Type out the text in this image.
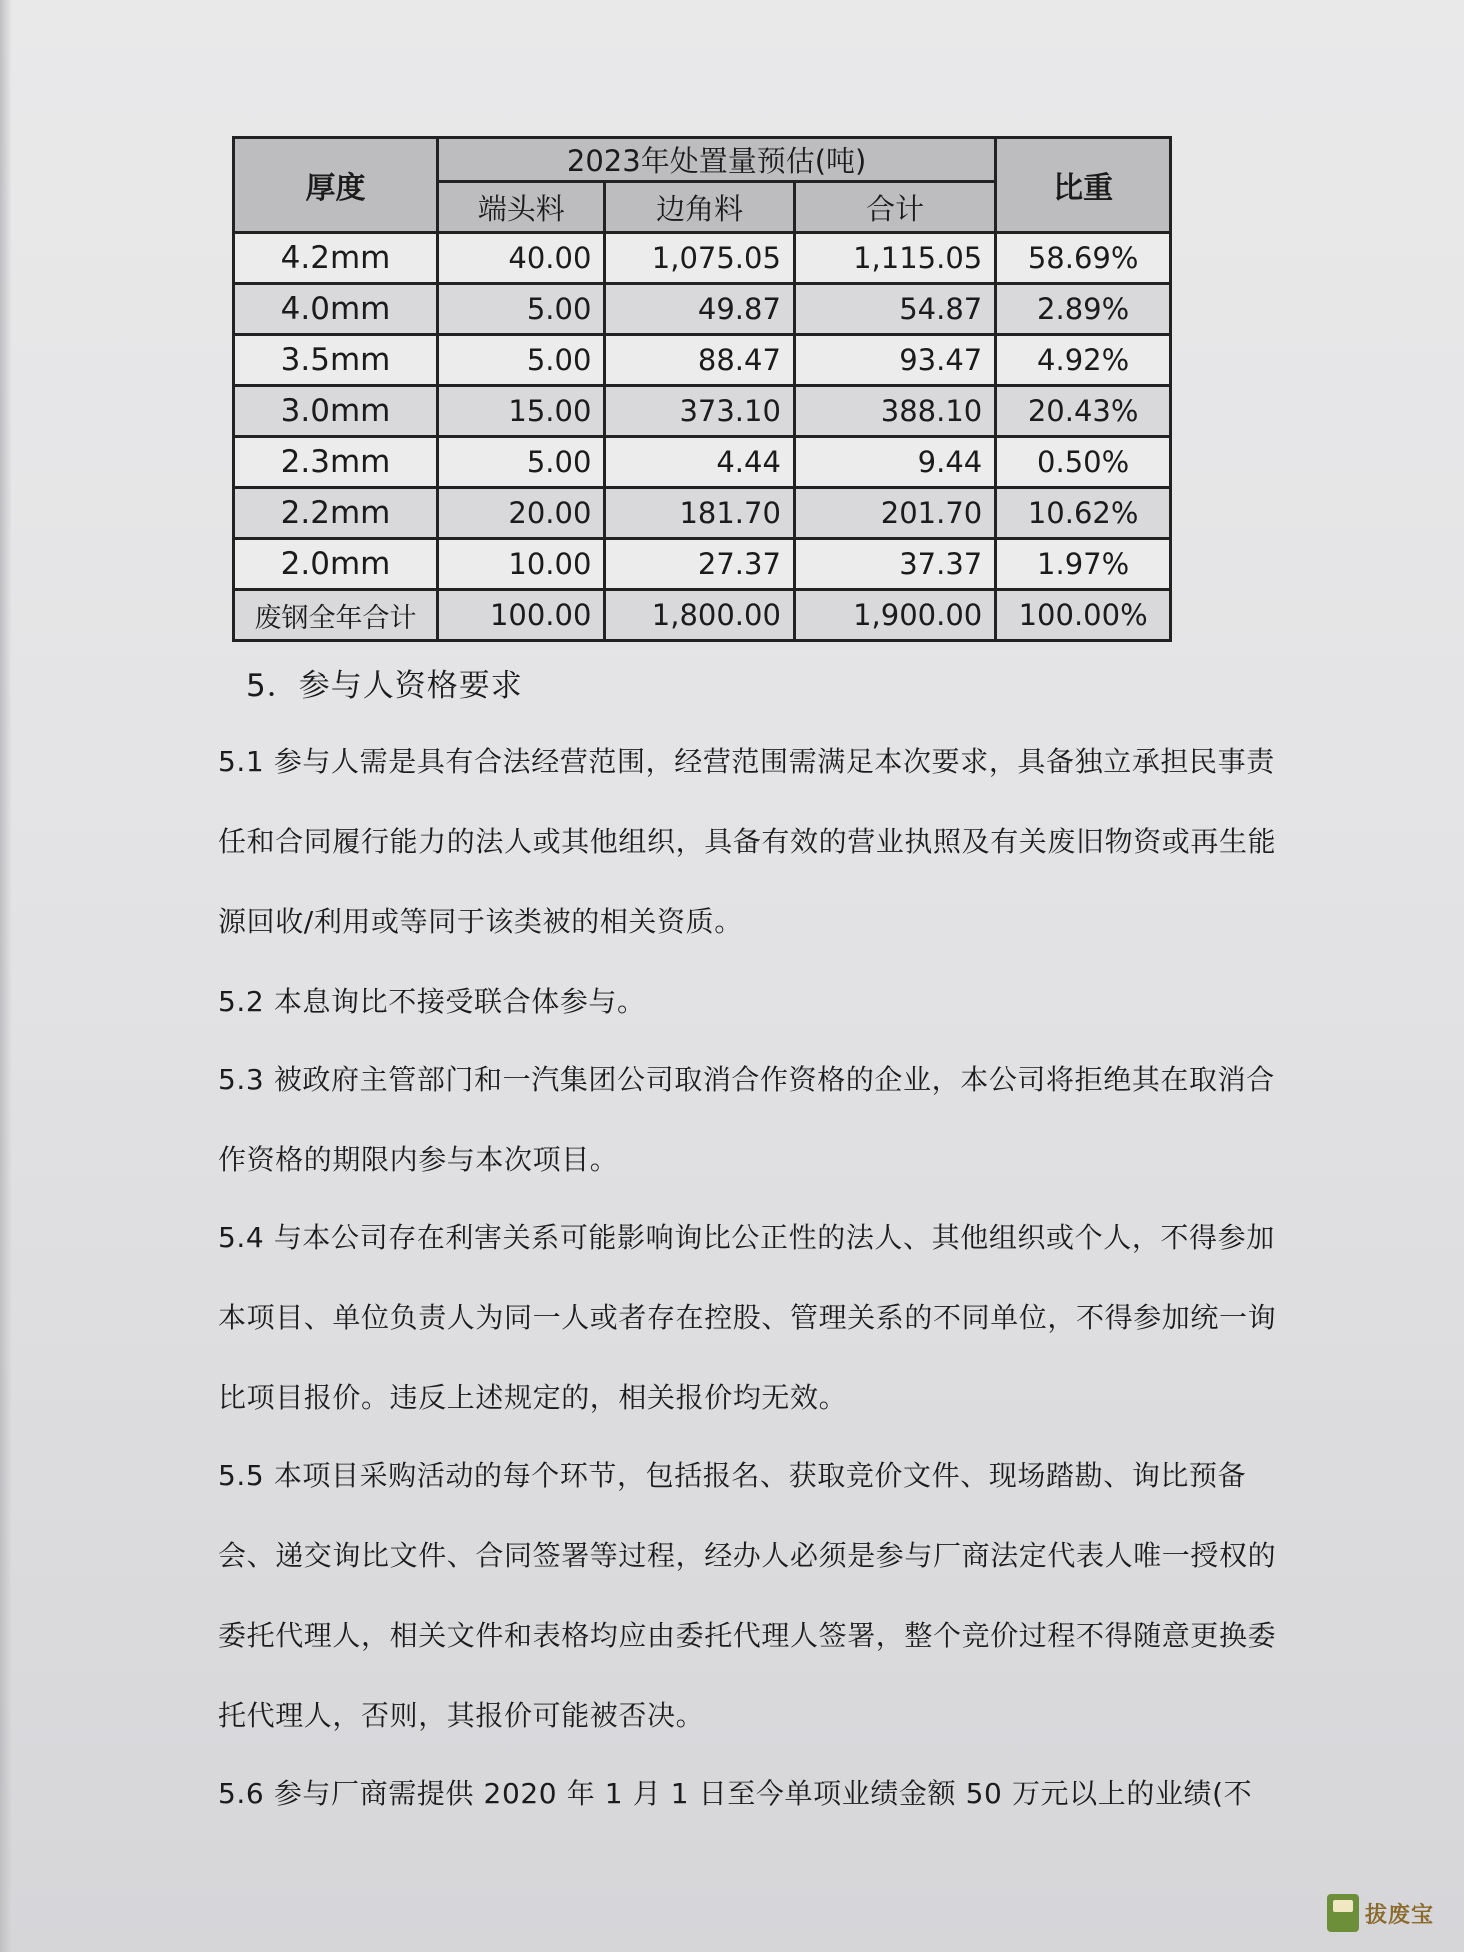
厚度	2023年处置量预估(吨)			比重
	端头料	边角料	合计	
4.2mm	40.00	1,075.05	1,115.05	58.69%
4.0mm	5.00	49.87	54.87	2.89%
3.5mm	5.00	88.47	93.47	4.92%
3.0mm	15.00	373.10	388.10	20.43%
2.3mm	5.00	4.44	9.44	0.50%
2.2mm	20.00	181.70	201.70	10.62%
2.0mm	10.00	27.37	37.37	1.97%
废钢全年合计	100.00	1,800.00	1,900.00	100.00%
5．参与人资格要求
5.1 参与人需是具有合法经营范围，经营范围需满足本次要求，具备独立承担民事责任和合同履行能力的法人或其他组织，具备有效的营业执照及有关废旧物资或再生能源回收/利用或等同于该类被的相关资质。
5.2 本息询比不接受联合体参与。
5.3 被政府主管部门和一汽集团公司取消合作资格的企业，本公司将拒绝其在取消合作资格的期限内参与本次项目。
5.4 与本公司存在利害关系可能影响询比公正性的法人、其他组织或个人，不得参加本项目、单位负责人为同一人或者存在控股、管理关系的不同单位，不得参加统一询比项目报价。违反上述规定的，相关报价均无效。
5.5 本项目采购活动的每个环节，包括报名、获取竞价文件、现场踏勘、询比预备会、递交询比文件、合同签署等过程，经办人必须是参与厂商法定代表人唯一授权的委托代理人，相关文件和表格均应由委托代理人签署，整个竞价过程不得随意更换委托代理人，否则，其报价可能被否决。
5.6 参与厂商需提供 2020 年 1 月 1 日至今单项业绩金额 50 万元以上的业绩(不
拔废宝
